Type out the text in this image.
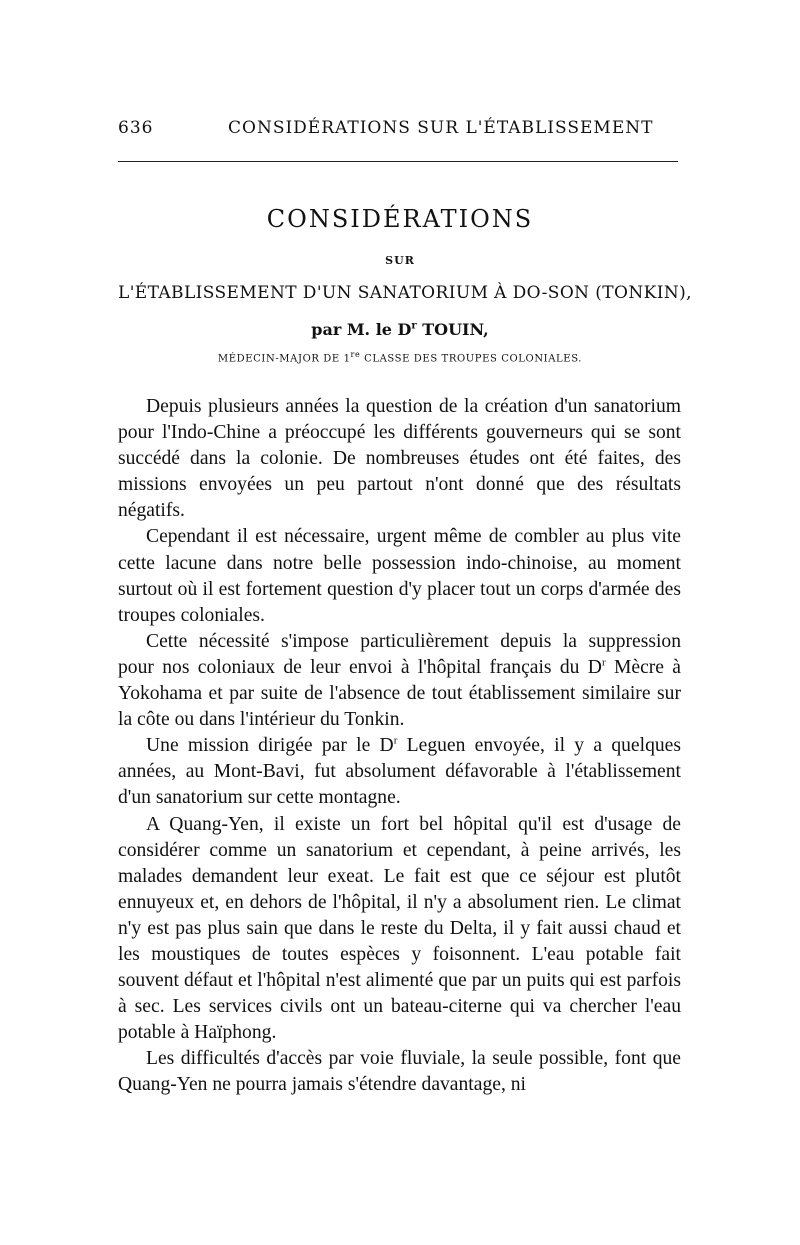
636	CONSIDÉRATIONS SUR L'ÉTABLISSEMENT
CONSIDÉRATIONS
SUR
L'ÉTABLISSEMENT D'UN SANATORIUM À DO-SON (TONKIN),
par M. le $D^r$ TOUIN,
MÉDECIN-MAJOR DE 1re CLASSE DES TROUPES COLONIALES.

Depuis plusieurs années la question de la création d'un sanatorium pour l'Indo-Chine a préoccupé les différents gouverneurs qui se sont succédé dans la colonie. De nombreuses études ont été faites, des missions envoyées un peu partout n'ont donné que des résultats négatifs.

Cependant il est nécessaire, urgent même de combler au plus vite cette lacune dans notre belle possession indo-chinoise, au moment surtout où il est fortement question d'y placer tout un corps d'armée des troupes coloniales.

Cette nécessité s'impose particulièrement depuis la suppression pour nos coloniaux de leur envoi à l'hôpital français du $D^r$ Mècre à Yokohama et par suite de l'absence de tout établissement similaire sur la côte ou dans l'intérieur du Tonkin.

Une mission dirigée par le $D^r$ Leguen envoyée, il y a quelques années, au Mont-Bavi, fut absolument défavorable à l'établissement d'un sanatorium sur cette montagne.

A Quang-Yen, il existe un fort bel hôpital qu'il est d'usage de considérer comme un sanatorium et cependant, à peine arrivés, les malades demandent leur exeat. Le fait est que ce séjour est plutôt ennuyeux et, en dehors de l'hôpital, il n'y a absolument rien. Le climat n'y est pas plus sain que dans le reste du Delta, il y fait aussi chaud et les moustiques de toutes espèces y foisonnent. L'eau potable fait souvent défaut et l'hôpital n'est alimenté que par un puits qui est parfois à sec. Les services civils ont un bateau-citerne qui va chercher l'eau potable à Haïphong.

Les difficultés d'accès par voie fluviale, la seule possible, font que Quang-Yen ne pourra jamais s'étendre davantage, ni
